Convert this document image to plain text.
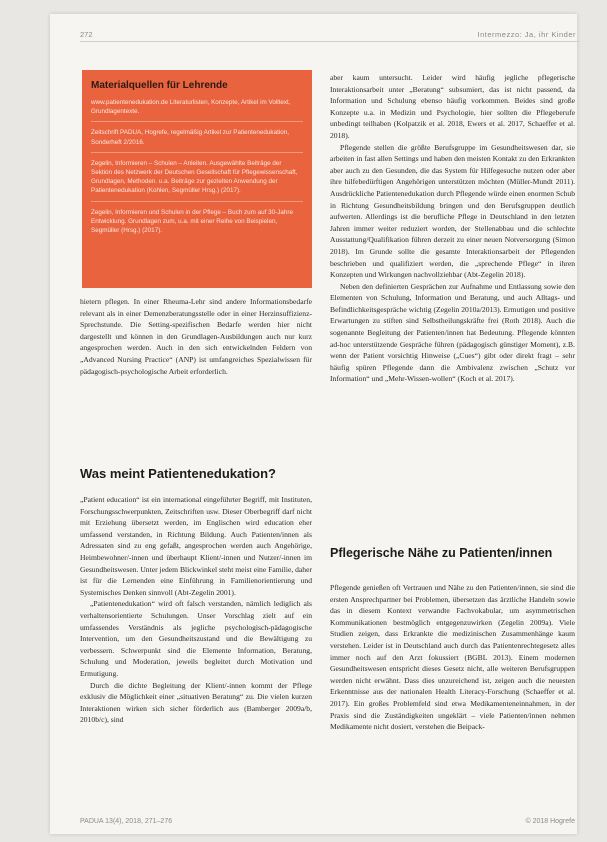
272	Intermezzo: Ja, ihr Kinder
Materialquellen für Lehrende
www.patientenedukation.de Literaturlisten, Konzepte, Artikel im Volltext, Grundlagentexte.
Zeitschrift PADUA, Hogrefe, regelmäßig Artikel zur Patientenedukation, Sonderheft 2/2016.
Zegelin, Informieren – Schulen – Anleiten. Ausgewählte Beiträge der Sektion des Netzwerk der Deutschen Gesellschaft für Pflegewissenschaft, Grundlagen, Methoden. u.a. Beiträge zur gezielten Anwendung der Patientenedukation (Kohlen, Segmüller Hrsg.) (2017).
Zegelin, Informieren und Schulen in der Pflege – Buch zum auf 30-Jahre Entwicklung. Grundlagen zum, u.a. mit einer Reihe von Beispielen, Segmüller (Hrsg.) (2017).

hietern pflegen. In einer Rheuma-Lehr sind andere Informationsbedarfe relevant als in einer Demenzberatungsstelle oder in einer Herzinsuffizienz-Sprechstunde. Die Setting-spezifischen Bedarfe werden hier nicht dargestellt und können in den Grundlagen-Ausbildungen auch nur kurz angesprochen werden. Auch in den sich entwickelnden Feldern von „Advanced Nursing Practice“ (ANP) ist umfangreiches Spezialwissen für pädagogisch-psychologische Arbeit erforderlich.

Was meint Patientenedukation?

„Patient education“ ist ein international eingeführter Begriff, mit Instituten, Forschungsschwerpunkten, Zeitschriften usw. Dieser Oberbegriff darf nicht mit Erziehung übersetzt werden, im Englischen wird education eher umfassend verstanden, in Richtung Bildung. Auch Patienten/innen als Adressaten sind zu eng gefaßt, angesprochen werden auch Angehörige, Heimbewohner/-innen und überhaupt Klient/-innen und Nutzer/-innen im Gesundheitswesen. Unter jedem Blickwinkel steht meist eine Familie, daher ist für die Lernenden eine Einführung in Familienorientierung und Systemisches Denken sinnvoll (Abt-Zegelin 2001).

„Patientenedukation“ wird oft falsch verstanden, nämlich lediglich als verhaltensorientierte Schulungen. Unser Vorschlag zielt auf ein umfassendes Verständnis als jegliche psychologisch-pädagogische Intervention, um den Gesundheitszustand und die Bewältigung zu verbessern. Schwerpunkt sind die Elemente Information, Beratung, Schulung und Moderation, jeweils begleitet durch Motivation und Ermutigung.

Durch die dichte Begleitung der Klient/-innen kommt der Pflege exklusiv die Möglichkeit einer „situativen Beratung“ zu. Die vielen kurzen Interaktionen wirken sich sicher förderlich aus (Bamberger 2009a/b, 2010b/c), sind

aber kaum untersucht. Leider wird häufig jegliche pflegerische Interaktionsarbeit unter „Beratung“ subsumiert, das ist nicht passend, da Information und Schulung ebenso häufig vorkommen. Beides sind große Konzepte u.a. in Medizin und Psychologie, hier sollten die Pflegeberufe unbedingt teilhaben (Kolpatzik et al. 2018, Ewers et al. 2017, Schaeffer et al. 2018).

Pflegende stellen die größte Berufsgruppe im Gesundheitswesen dar, sie arbeiten in fast allen Settings und haben den meisten Kontakt zu den Erkrankten aber auch zu den Gesunden, die das System für Hilfegesuche nutzen oder aber ihre hilfebedürftigen Angehörigen unterstützen möchten (Müller-Mundt 2011). Ausdrückliche Patientenedukation durch Pflegende würde einen enormen Schub in Richtung Gesundheitsbildung bringen und den Berufsgruppen deutlich aufwerten. Allerdings ist die berufliche Pflege in Deutschland in den letzten Jahren immer weiter reduziert worden, der Stellenabbau und die schlechte Ausstattung/Qualifikation führen derzeit zu einer neuen Notversorgung (Simon 2018). Im Grunde sollte die gesamte Interaktionsarbeit der Pflegenden beschrieben und qualifiziert werden, die „sprechende Pflege“ in ihren Konzepten und Wirkungen nachvollziehbar (Abt-Zegelin 2018).

Neben den definierten Gesprächen zur Aufnahme und Entlassung sowie den Elementen von Schulung, Information und Beratung, und auch Alltags- und Befindlichkeitsgespräche wichtig (Zegelin 2010a/2013). Ermutigen und positive Erwartungen zu stiften sind Selbstheilungskräfte frei (Roth 2018). Auch die sogenannte Begleitung der Patienten/innen hat Bedeutung. Pflegende könnten ad-hoc unterstützende Gespräche führen (pädagogisch günstiger Moment), z.B. wenn der Patient vorsichtig Hinweise („Cues“) gibt oder direkt fragt – sehr häufig spüren Pflegende dann die Ambivalenz zwischen „Schutz vor Information“ und „Mehr-Wissen-wollen“ (Koch et al. 2017).

Pflegerische Nähe zu Patienten/innen

Pflegende genießen oft Vertrauen und Nähe zu den Patienten/innen, sie sind die ersten Ansprechpartner bei Problemen, übersetzen das ärztliche Handeln sowie das in diesem Kontext verwandte Fachvokabular, um asymmetrischen Kommunikationen bestmöglich entgegenzuwirken (Zegelin 2009a). Viele Studien zeigen, dass Erkrankte die medizinischen Zusammenhänge kaum verstehen. Leider ist in Deutschland auch durch das Patientenrechtegesetz alles immer noch auf den Arzt fokussiert (BGBL 2013). Einem modernen Gesundheitswesen entspricht dieses Gesetz nicht, alle weiteren Berufsgruppen werden nicht erwähnt. Dass dies unzureichend ist, zeigen auch die neuesten Erkenntnisse aus der nationalen Health Literacy-Forschung (Schaeffer et al. 2017). Ein großes Problemfeld sind etwa Medikamenteneinnahmen, in der Praxis sind die Zuständigkeiten ungeklärt – viele Patienten/innen nehmen Medikamente nicht dosiert, verstehen die Beipack-

PADUA 13(4), 2018, 271–276	© 2018 Hogrefe
